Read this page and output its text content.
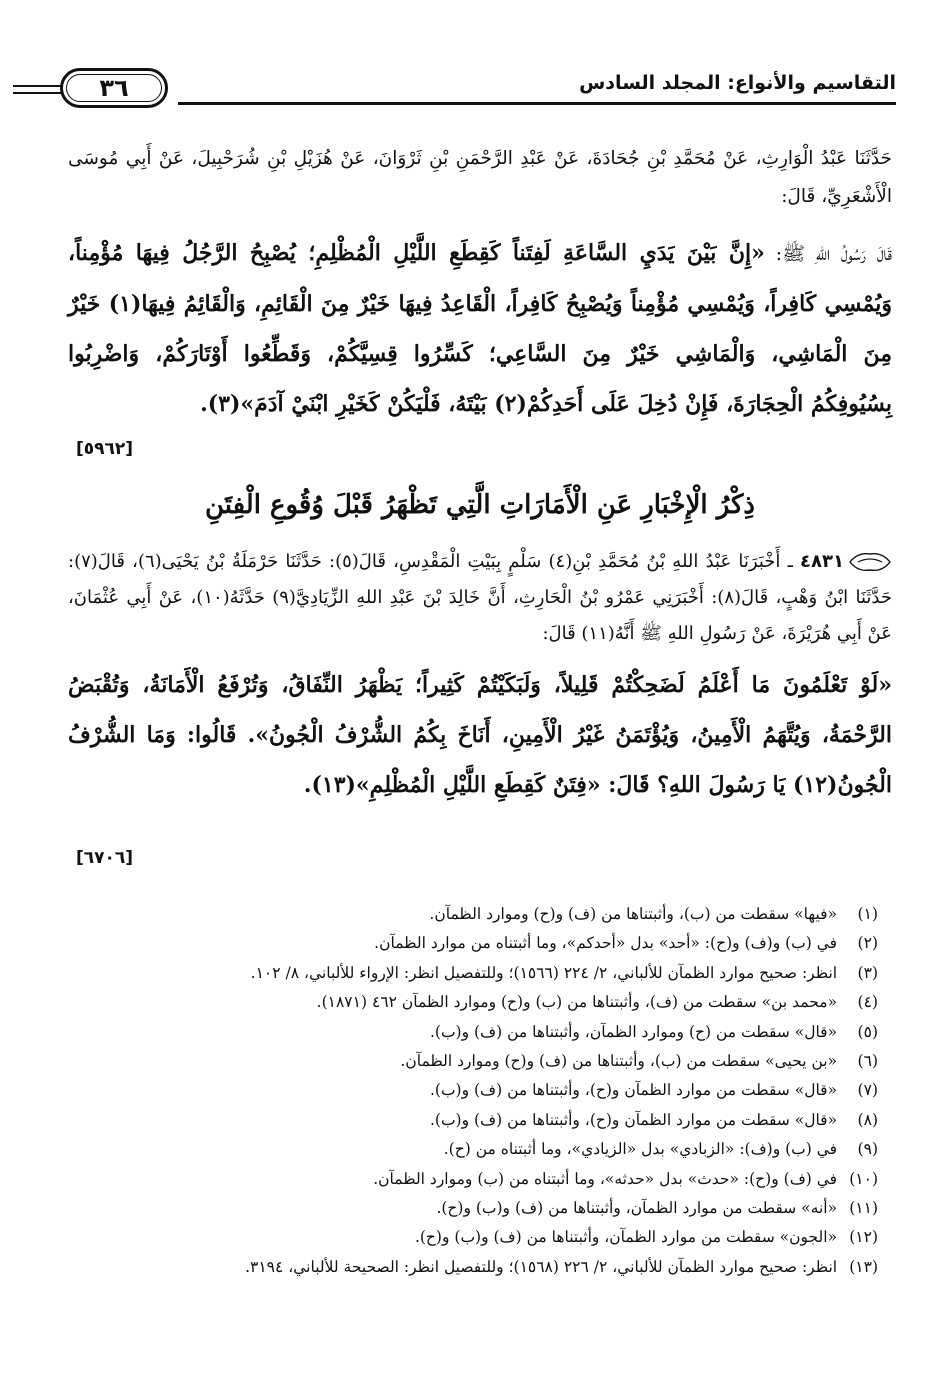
٣٦	التقاسيم والأنواع: المجلد السادس
حَدَّثَنَا عَبْدُ الْوَارِثِ، عَنْ مُحَمَّدِ بْنِ جُحَادَةَ، عَنْ عَبْدِ الرَّحْمَنِ بْنِ ثَرْوَانَ، عَنْ هُزَيْلِ بْنِ شُرَحْبِيلَ، عَنْ أَبِي مُوسَى الْأَشْعَرِيِّ، قَالَ:
قَالَ رَسُولُ اللهِ ﷺ: «إِنَّ بَيْنَ يَدَيِ السَّاعَةِ لَفِتَناً كَقِطَعِ اللَّيْلِ الْمُظْلِمِ؛ يُصْبِحُ الرَّجُلُ فِيهَا مُؤْمِناً، وَيُمْسِي كَافِراً، وَيُمْسِي مُؤْمِناً وَيُصْبِحُ كَافِراً، الْقَاعِدُ فِيهَا خَيْرٌ مِنَ الْقَائِمِ، وَالْقَائِمُ فِيهَا(١) خَيْرٌ مِنَ الْمَاشِي، وَالْمَاشِي خَيْرٌ مِنَ السَّاعِي؛ كَسِّرُوا قِسِيَّكُمْ، وَقَطِّعُوا أَوْتَارَكُمْ، وَاضْرِبُوا بِسُيُوفِكُمُ الْحِجَارَةَ، فَإِنْ دُخِلَ عَلَى أَحَدِكُمْ(٢) بَيْتَهُ، فَلْيَكُنْ كَخَيْرِ ابْنَيْ آدَمَ»(٣).
[٥٩٦٢]
ذِكْرُ الْإِخْبَارِ عَنِ الْأَمَارَاتِ الَّتِي تَظْهَرُ قَبْلَ وُقُوعِ الْفِتَنِ
٤٨٣١ ـ أَخْبَرَنَا عَبْدُ اللهِ بْنُ مُحَمَّدِ بْنِ(٤) سَلْمٍ بِبَيْتِ الْمَقْدِسِ، قَالَ(٥): حَدَّثَنَا حَرْمَلَةُ بْنُ يَحْيَى(٦)، قَالَ(٧): حَدَّثَنَا ابْنُ وَهْبٍ، قَالَ(٨): أَخْبَرَنِي عَمْرُو بْنُ الْحَارِثِ، أَنَّ خَالِدَ بْنَ عَبْدِ اللهِ الزِّيَادِيَّ(٩) حَدَّثَهُ(١٠)، عَنْ أَبِي عُثْمَانَ، عَنْ أَبِي هُرَيْرَةَ، عَنْ رَسُولِ اللهِ ﷺ أَنَّهُ(١١) قَالَ:
«لَوْ تَعْلَمُونَ مَا أَعْلَمُ لَضَحِكْتُمْ قَلِيلاً، وَلَبَكَيْتُمْ كَثِيراً؛ يَظْهَرُ النِّفَاقُ، وَتُرْفَعُ الْأَمَانَةُ، وَتُقْبَضُ الرَّحْمَةُ، وَيُتَّهَمُ الْأَمِينُ، وَيُؤْتَمَنُ غَيْرُ الْأَمِينِ، أَنَاخَ بِكُمُ الشُّرْفُ الْجُونُ». قَالُوا: وَمَا الشُّرْفُ الْجُونُ(١٢) يَا رَسُولَ اللهِ؟ قَالَ: «فِتَنٌ كَقِطَعِ اللَّيْلِ الْمُظْلِمِ»(١٣).
[٦٧٠٦]
(١) «فيها» سقطت من (ب)، وأثبتناها من (ف) و(ح) وموارد الظمآن.
(٢) في (ب) و(ف) و(ح): «أحد» بدل «أحدكم»، وما أثبتناه من موارد الظمآن.
(٣) انظر: صحيح موارد الظمآن للألباني، ٢/ ٢٢٤ (١٥٦٦)؛ وللتفصيل انظر: الإرواء للألباني، ٨/ ١٠٢.
(٤) «محمد بن» سقطت من (ف)، وأثبتناها من (ب) و(ح) وموارد الظمآن ٤٦٢ (١٨٧١).
(٥) «قال» سقطت من (ح) وموارد الظمآن، وأثبتناها من (ف) و(ب).
(٦) «بن يحيى» سقطت من (ب)، وأثبتناها من (ف) و(ح) وموارد الظمآن.
(٧) «قال» سقطت من موارد الظمآن و(ح)، وأثبتناها من (ف) و(ب).
(٨) «قال» سقطت من موارد الظمآن و(ح)، وأثبتناها من (ف) و(ب).
(٩) في (ب) و(ف): «الزبادي» بدل «الزيادي»، وما أثبتناه من (ح).
(١٠) في (ف) و(ح): «حدث» بدل «حدثه»، وما أثبتناه من (ب) وموارد الظمآن.
(١١) «أنه» سقطت من موارد الظمآن، وأثبتناها من (ف) و(ب) و(ح).
(١٢) «الجون» سقطت من موارد الظمآن، وأثبتناها من (ف) و(ب) و(ح).
(١٣) انظر: صحيح موارد الظمآن للألباني، ٢/ ٢٢٦ (١٥٦٨)؛ وللتفصيل انظر: الصحيحة للألباني، ٣١٩٤.
